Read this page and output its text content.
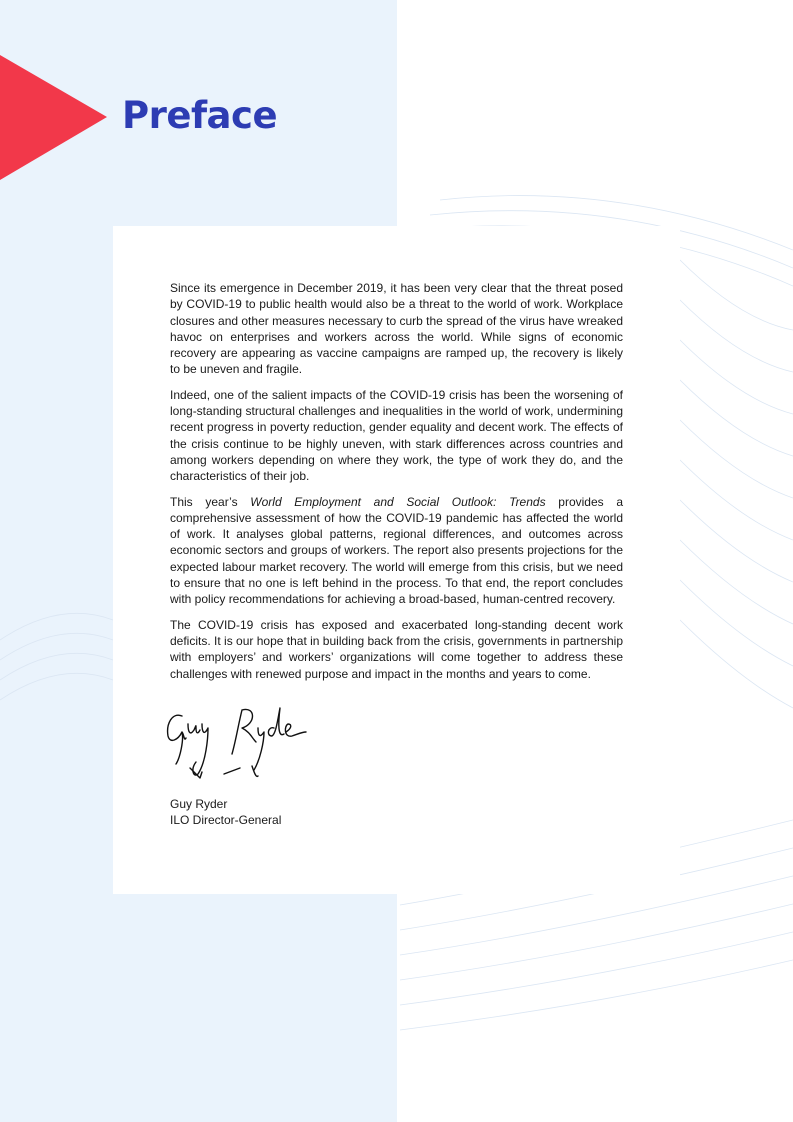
Preface

Since its emergence in December 2019, it has been very clear that the threat posed by COVID-19 to public health would also be a threat to the world of work. Workplace closures and other measures necessary to curb the spread of the virus have wreaked havoc on enterprises and workers across the world. While signs of economic recovery are appearing as vaccine campaigns are ramped up, the recovery is likely to be uneven and fragile.

Indeed, one of the salient impacts of the COVID-19 crisis has been the worsening of long-standing structural challenges and inequalities in the world of work, undermining recent progress in poverty reduction, gender equality and decent work. The effects of the crisis continue to be highly uneven, with stark differences across countries and among workers depending on where they work, the type of work they do, and the characteristics of their job.

This year’s World Employment and Social Outlook: Trends provides a comprehensive assessment of how the COVID-19 pandemic has affected the world of work. It analyses global patterns, regional differences, and outcomes across economic sectors and groups of workers. The report also presents projections for the expected labour market recovery. The world will emerge from this crisis, but we need to ensure that no one is left behind in the process. To that end, the report concludes with policy recommendations for achieving a broad-based, human-centred recovery.

The COVID-19 crisis has exposed and exacerbated long-standing decent work deficits. It is our hope that in building back from the crisis, governments in partnership with employers’ and workers’ organizations will come together to address these challenges with renewed purpose and impact in the months and years to come.

Guy Ryder
ILO Director-General
